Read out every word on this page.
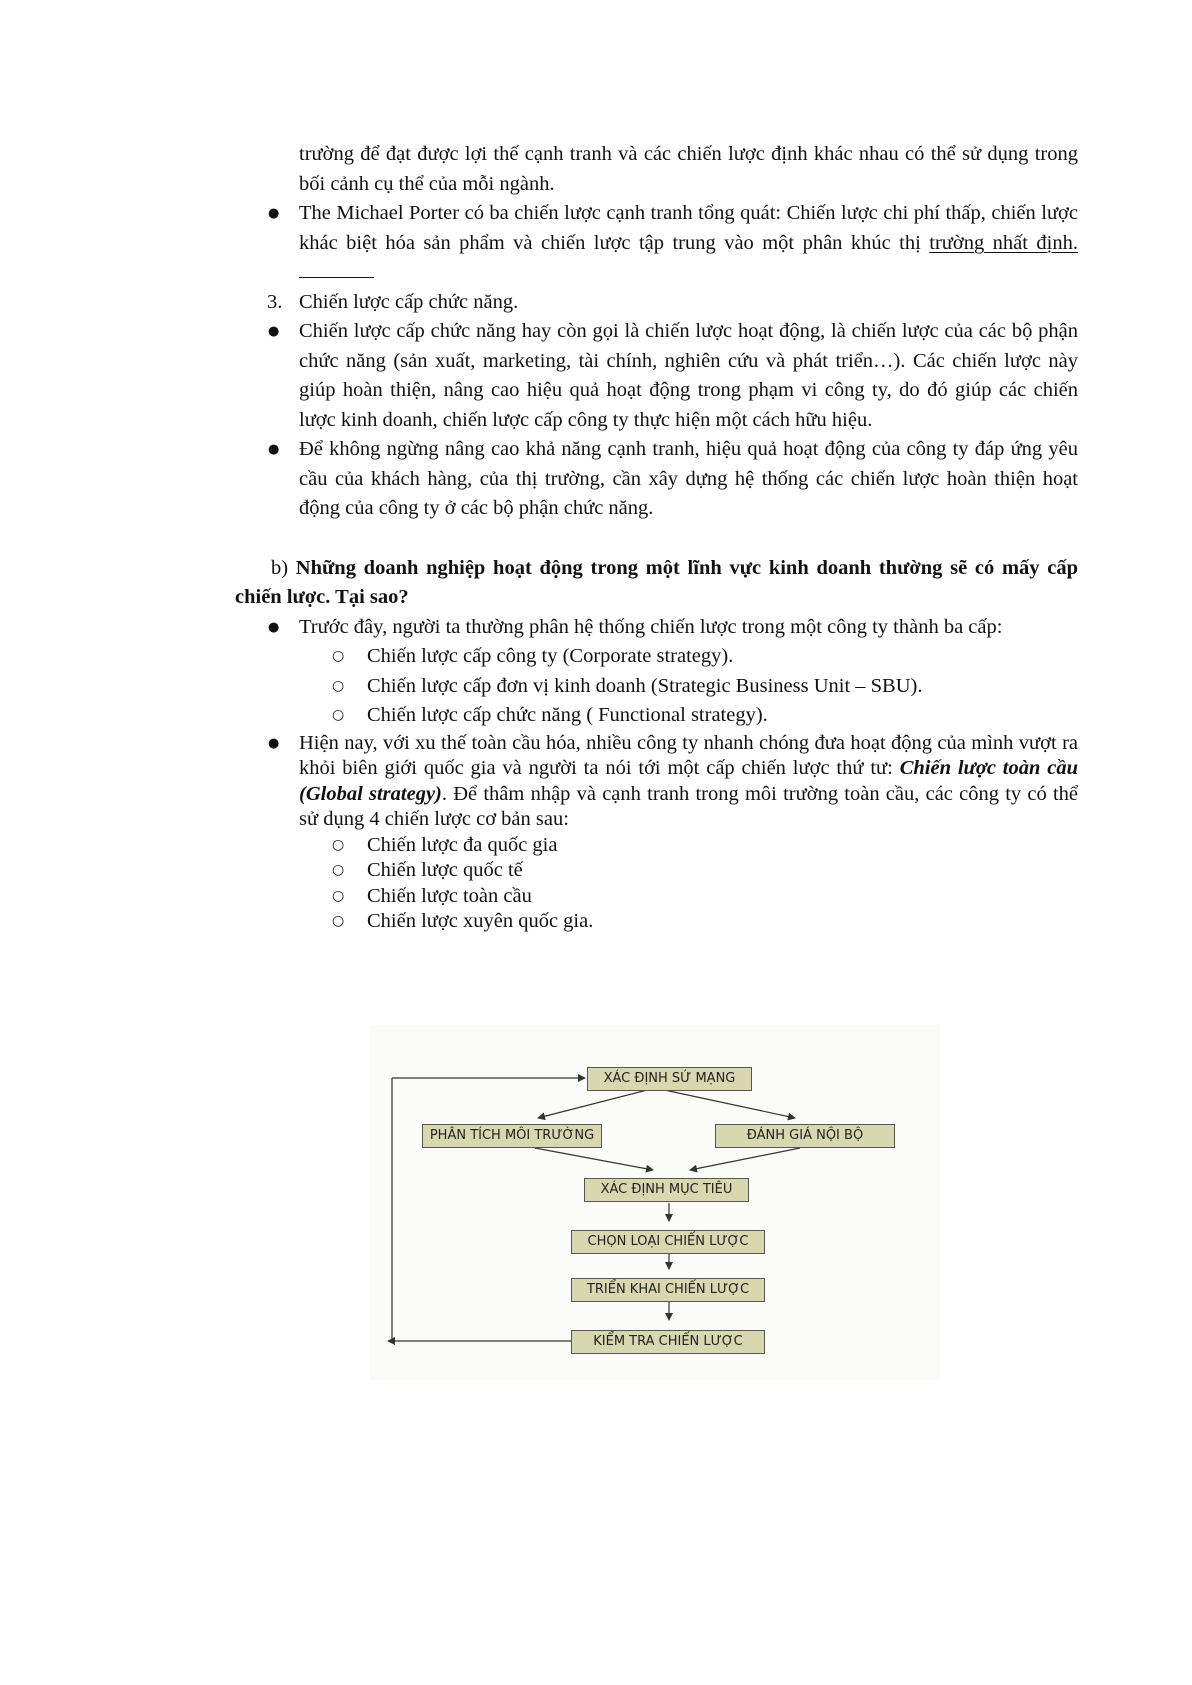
trường để đạt được lợi thế cạnh tranh và các chiến lược định khác nhau có thể sử dụng trong bối cảnh cụ thể của mỗi ngành.

● The Michael Porter có ba chiến lược cạnh tranh tổng quát: Chiến lược chi phí thấp, chiến lược khác biệt hóa sản phẩm và chiến lược tập trung vào một phân khúc thị trường nhất định.
3. Chiến lược cấp chức năng.
● Chiến lược cấp chức năng hay còn gọi là chiến lược hoạt động, là chiến lược của các bộ phận chức năng (sản xuất, marketing, tài chính, nghiên cứu và phát triển…). Các chiến lược này giúp hoàn thiện, nâng cao hiệu quả hoạt động trong phạm vi công ty, do đó giúp các chiến lược kinh doanh, chiến lược cấp công ty thực hiện một cách hữu hiệu.
● Để không ngừng nâng cao khả năng cạnh tranh, hiệu quả hoạt động của công ty đáp ứng yêu cầu của khách hàng, của thị trường, cần xây dựng hệ thống các chiến lược hoàn thiện hoạt động của công ty ở các bộ phận chức năng.

b) Những doanh nghiệp hoạt động trong một lĩnh vực kinh doanh thường sẽ có mấy cấp chiến lược. Tại sao?

● Trước đây, người ta thường phân hệ thống chiến lược trong một công ty thành ba cấp:
○ Chiến lược cấp công ty (Corporate strategy).
○ Chiến lược cấp đơn vị kinh doanh (Strategic Business Unit – SBU).
○ Chiến lược cấp chức năng ( Functional strategy).
● Hiện nay, với xu thế toàn cầu hóa, nhiều công ty nhanh chóng đưa hoạt động của mình vượt ra khỏi biên giới quốc gia và người ta nói tới một cấp chiến lược thứ tư: Chiến lược toàn cầu (Global strategy). Để thâm nhập và cạnh tranh trong môi trường toàn cầu, các công ty có thể sử dụng 4 chiến lược cơ bản sau:
○ Chiến lược đa quốc gia
○ Chiến lược quốc tế
○ Chiến lược toàn cầu
○ Chiến lược xuyên quốc gia.
XÁC ĐỊNH SỨ MẠNG
PHÂN TÍCH MÔI TRƯỜNG	ĐÁNH GIÁ NỘI BỘ
XÁC ĐỊNH MỤC TIÊU
CHỌN LOẠI CHIẾN LƯỢC
TRIỂN KHAI CHIẾN LƯỢC
KIỂM TRA CHIẾN LƯỢC
